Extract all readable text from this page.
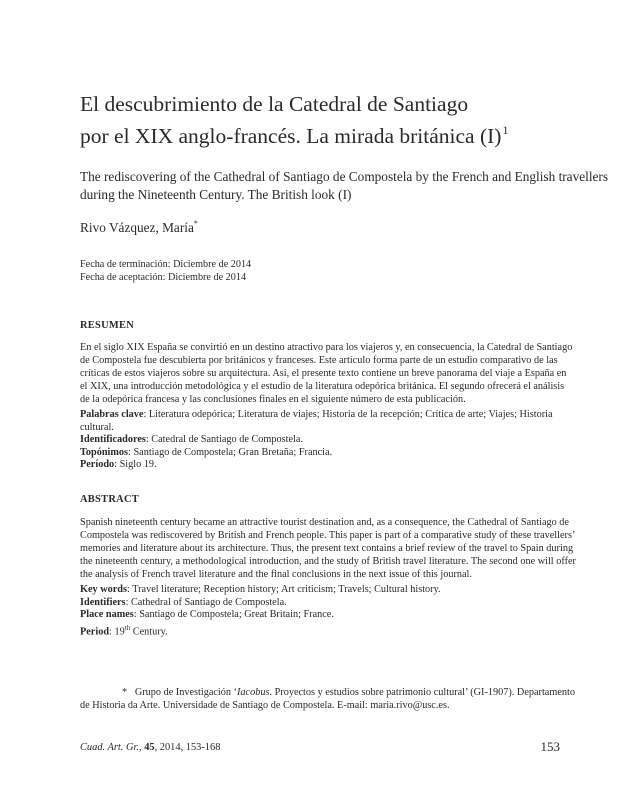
El descubrimiento de la Catedral de Santiago
por el XIX anglo-francés. La mirada británica $(I)^1$
The rediscovering of the Cathedral of Santiago de Compostela by the French and English travellers
during the Nineteenth Century. The British look (I)
Rivo Vázquez, María*
Fecha de terminación: Diciembre de 2014
Fecha de aceptación: Diciembre de 2014
RESUMEN
En el siglo XIX España se convirtió en un destino atractivo para los viajeros y, en consecuencia, la Catedral de Santiago
de Compostela fue descubierta por británicos y franceses. Este artículo forma parte de un estudio comparativo de las
críticas de estos viajeros sobre su arquitectura. Así, el presente texto contiene un breve panorama del viaje a España en
el XIX, una introducción metodológica y el estudio de la literatura odepórica británica. El segundo ofrecerá el análisis
de la odepórica francesa y las conclusiones finales en el siguiente número de esta publicación.
Palabras clave: Literatura odepórica; Literatura de viajes; Historia de la recepción; Crítica de arte; Viajes; Historia
cultural.
Identificadores: Catedral de Santiago de Compostela.
Topónimos: Santiago de Compostela; Gran Bretaña; Francia.
Período: Siglo 19.
ABSTRACT
Spanish nineteenth century became an attractive tourist destination and, as a consequence, the Cathedral of Santiago de
Compostela was rediscovered by British and French people. This paper is part of a comparative study of these travellers’
memories and literature about its architecture. Thus, the present text contains a brief review of the travel to Spain during
the nineteenth century, a methodological introduction, and the study of British travel literature. The second one will offer
the analysis of French travel literature and the final conclusions in the next issue of this journal.
Key words: Travel literature; Reception history; Art criticism; Travels; Cultural history.
Identifiers: Cathedral of Santiago de Compostela.
Place names: Santiago de Compostela; Great Britain; France.
Period: 19th Century.
* Grupo de Investigación ‘Iacobus. Proyectos y estudios sobre patrimonio cultural’ (GI-1907). Departamento
de Historia da Arte. Universidade de Santiago de Compostela. E-mail: maria.rivo@usc.es.
Cuad. Art. Gr., 45, 2014, 153-168	153
